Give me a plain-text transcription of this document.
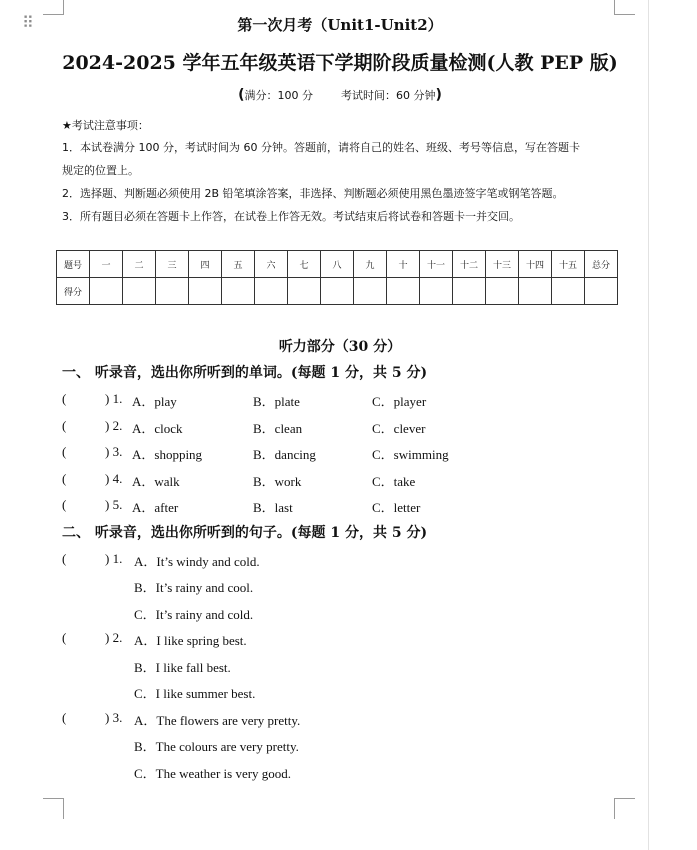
⠿	第一次月考（Unit1-Unit2）
2024-2025 学年五年级英语下学期阶段质量检测(人教 PEP 版)
(满分：100 分	考试时间：60 分钟)
★考试注意事项：
1．本试卷满分 100 分，考试时间为 60 分钟。答题前，请将自己的姓名、班级、考号等信息，写在答题卡
规定的位置上。
2．选择题、判断题必须使用 2B 铅笔填涂答案，非选择、判断题必须使用黑色墨迹签字笔或钢笔答题。
3．所有题目必须在答题卡上作答，在试卷上作答无效。考试结束后将试卷和答题卡一并交回。
题号	一	二	三	四	五	六	七	八	九	十	十一	十二	十三	十四	十五	总分
得分																
听力部分（30 分）
一、 听录音，选出你所听到的单词。(每题 1 分，共 5 分)
(	) 1. A．play	B．plate	C．player
(	) 2. A．clock	B．clean	C．clever
(	) 3. A．shopping	B．dancing	C．swimming
(	) 4. A．walk	B．work	C．take
(	) 5. A．after	B．last	C．letter
二、 听录音，选出你所听到的句子。(每题 1 分，共 5 分)
(	) 1. A．It’s windy and cold.
B．It’s rainy and cool.
C．It’s rainy and cold.
(	) 2. A．I like spring best.
B．I like fall best.
C．I like summer best.
(	) 3. A．The flowers are very pretty.
B．The colours are very pretty.
C．The weather is very good.
